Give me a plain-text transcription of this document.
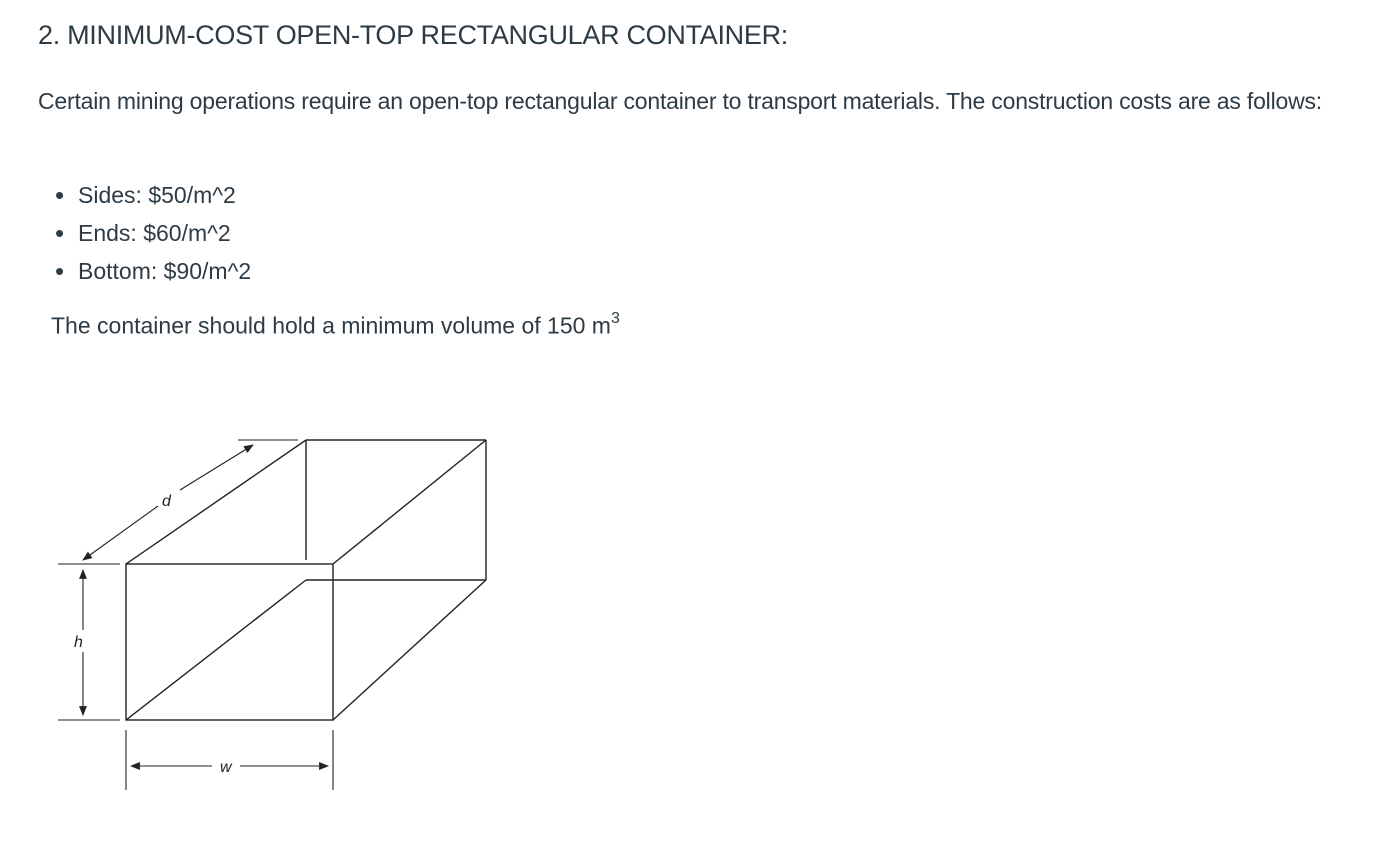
2. MINIMUM-COST OPEN-TOP RECTANGULAR CONTAINER:

Certain mining operations require an open-top rectangular container to transport materials. The construction costs are as follows:

• Sides: $50/m^2
• Ends: $60/m^2
• Bottom: $90/m^2

The container should hold a minimum volume of 150 $m^3$

d
h
w
